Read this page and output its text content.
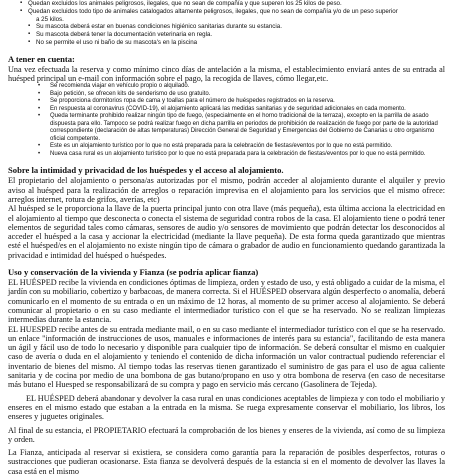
▪ Quedan excluidos los animales peligrosos, ilegales, que no sean de compañía y que superen los 25 kilos de peso.
▪ Quedan excluidos todo tipo de animales catalogados altamente peligrosos, ilegales, que no sean de compañía y/o de un peso superior
a 25 kilos.
▪ Su mascota deberá estar en buenas condiciones higiénico sanitarias durante su estancia.
▪ Su mascota deberá tener la documentación veterinaria en regla.
▪ No se permite el uso ni baño de su mascota's en la piscina
A tener en cuenta:

Una vez efectuada la reserva y como mínimo cinco días de antelación a la misma, el establecimiento enviará antes de su entrada al huésped principal un e-mail con información sobre el pago, la recogida de llaves, cómo llegar,etc.

• Se recomienda viajar en vehículo propio o alquilado.
• Bajo petición, se ofrecen kits de senderismo de uso gratuito.
• Se proporciona dormitorios ropa de cama y toallas para el número de huéspedes registrados en la reserva.
• En respuesta al coronavirus (COVID-19), el alojamiento aplicará las medidas sanitarias y de seguridad adicionales en cada momento.
• Queda terminante prohibido realizar ningún tipo de fuego, (especialmente en el horno tradicional de la terraza), excepto en la parrilla de asado dispuesta para ello. Tampoco se podrá realizar fuego en dicha parrilla en periodos de prohibición de realización de fuego por parte de la autoridad correspondiente (declaración de altas temperaturas) Dirección General de Seguridad y Emergencias del Gobierno de Canarias u otro organismo oficial competente.
• Este es un alojamiento turístico por lo que no está preparada para la celebración de fiestas/eventos por lo que no está permitido.
• Nueva casa rural es un alojamiento turístico por lo que no está preparada para la celebración de fiestas/eventos por lo que no está permitido.
Sobre la intimidad y privacidad de los huéspedes y el acceso al alojamiento.

El propietario del alojamiento o persona/as autorizadas por el mismo, podrán acceder al alojamiento durante el alquiler y previo aviso al huésped para la realización de arreglos o reparación imprevisa en el alojamiento para los servicios que el mismo ofrece: arreglos internet, rotura de grifos, averías, etc)

Al huésped se le proporciona la llave de la puerta principal junto con otra llave (más pequeña), esta última acciona la electricidad en el alojamiento al tiempo que desconecta o conecta el sistema de seguridad contra robos de la casa. El alojamiento tiene o podrá tener elementos de seguridad tales como cámaras, sensores de audio y/o sensores de movimiento que podrán detectar los desconocidos al acceder el huésped a la casa y accionar la electricidad (mediante la llave pequeña). De esta forma queda garantizado que mientras esté el huésped/es en el alojamiento no existe ningún tipo de cámara o grabador de audio en funcionamiento quedando garantizada la privacidad e intimidad del huésped o huéspedes.

Uso y conservación de la vivienda y Fianza (se podría aplicar fianza)

EL HUÉSPED recibe la vivienda en condiciones óptimas de limpieza, orden y estado de uso, y está obligado a cuidar de la misma, el jardín con su mobiliario, cobertizo y barbacoas, de manera correcta. Si el HUÉSPED observara algún desperfecto o anomalía, deberá comunicarlo en el momento de su entrada o en un máximo de 12 horas, al momento de su primer acceso al alojamiento. Se deberá comunicar al propietario o en su caso mediante el intermediador turístico con el que se ha reservado. No se realizan limpiezas intermedias durante la estancia.

EL HUESPED recibe antes de su entrada mediante mail, o en su caso mediante el intermediador turístico con el que se ha reservado. un enlace "información de instrucciones de usos, manuales e informaciones de interés para su estancia", facilitando de esta manera un ágil y fácil uso de todo lo necesario y disponible para cualquier tipo de información. Se deberá consultar el mismo en cualquier caso de avería o duda en el alojamiento y teniendo el contenido de dicha información un valor contractual pudiendo referenciar el inventario de bienes del mismo. Al tiempo todas las reservas tienen garantizado el suministro de gas para el uso de agua caliente sanitaria y de cocina por medio de una bombona de gas butano/propano en uso y otra bombona de reserva (en caso de necesitarse más butano el Huesped se responsabilizará de su compra y pago en servicio más cercano (Gasolinera de Tejeda).

EL HUÉSPED deberá abandonar y devolver la casa rural en unas condiciones aceptables de limpieza y con todo el mobiliario y enseres en el mismo estado que estaban a la entrada en la misma. Se ruega expresamente conservar el mobiliario, los libros, los enseres y juguetes originales.

Al final de su estancia, el PROPIETARIO efectuará la comprobación de los bienes y enseres de la vivienda, así como de su limpieza y orden.

La Fianza, anticipada al reservar si existiera, se considera como garantía para la reparación de posibles desperfectos, roturas o sustracciones que pudieran ocasionarse. Esta fianza se devolverá después de la estancia si en el momento de devolver las llaves la casa está en el mismo
